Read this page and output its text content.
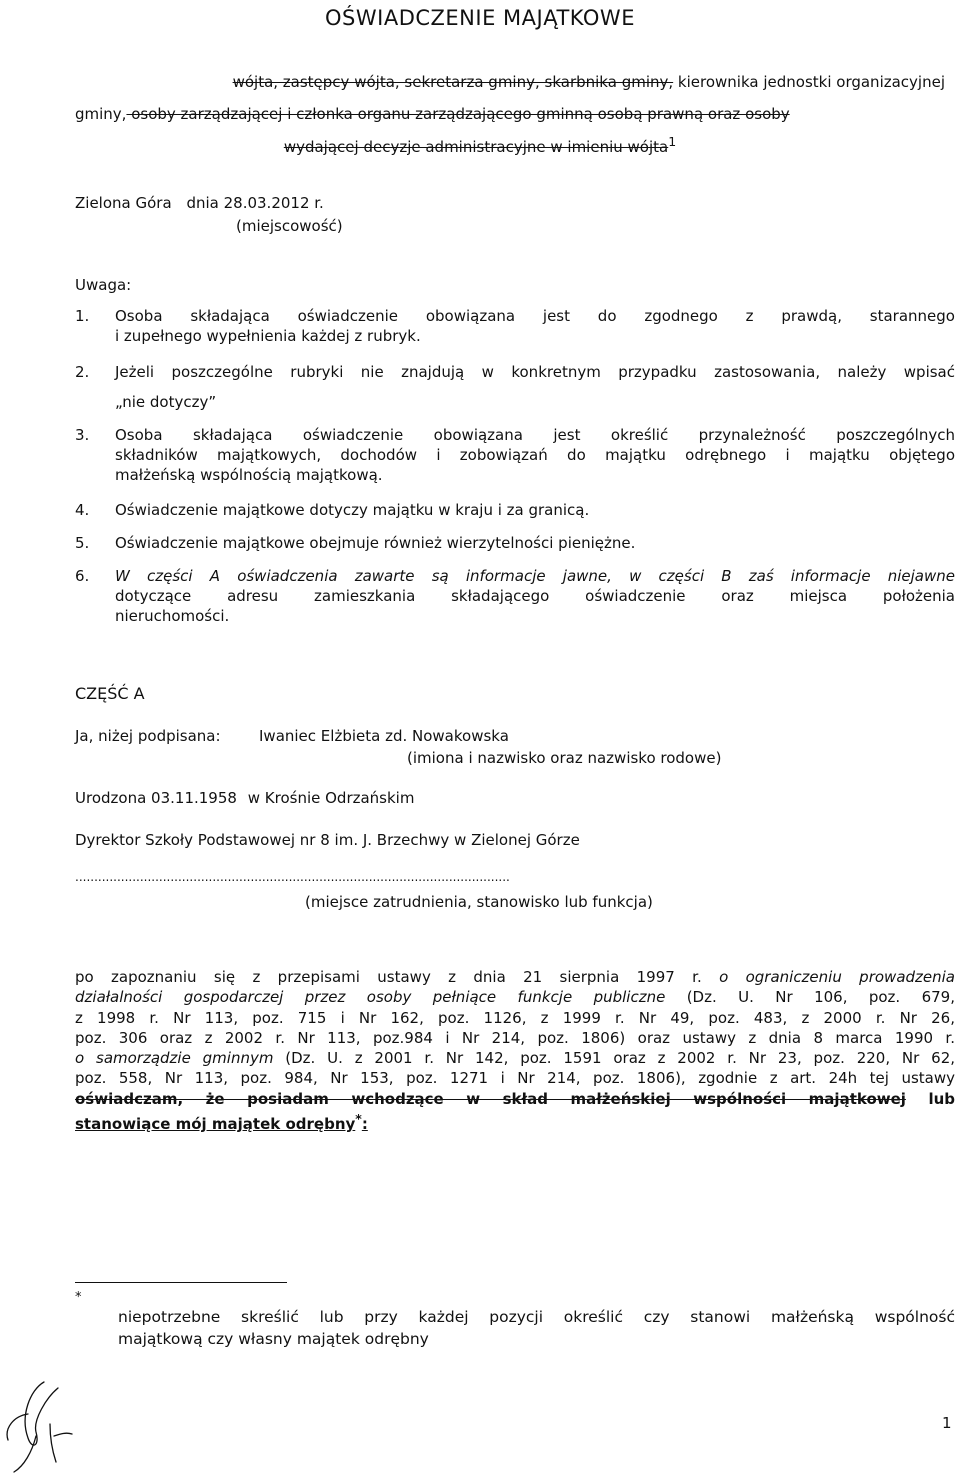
OŚWIADCZENIE MAJĄTKOWE
wójta, zastępcy wójta, sekretarza gminy, skarbnika gminy, kierownika jednostki organizacyjnej
gminy, osoby zarządzającej i członka organu zarządzającego gminną osobą prawną oraz osoby
wydającej decyzje administracyjne w imieniu wójta$^1$
Zielona Góra dnia 28.03.2012 r.
(miejscowość)
Uwaga:
1. Osoba składająca oświadczenie obowiązana jest do zgodnego z prawdą, starannego
i zupełnego wypełnienia każdej z rubryk.
2. Jeżeli poszczególne rubryki nie znajdują w konkretnym przypadku zastosowania, należy wpisać
„nie dotyczy”
3. Osoba składająca oświadczenie obowiązana jest określić przynależność poszczególnych
składników majątkowych, dochodów i zobowiązań do majątku odrębnego i majątku objętego
małżeńską wspólnością majątkową.
4. Oświadczenie majątkowe dotyczy majątku w kraju i za granicą.
5. Oświadczenie majątkowe obejmuje również wierzytelności pieniężne.
6. W części A oświadczenia zawarte są informacje jawne, w części B zaś informacje niejawne
dotyczące adresu zamieszkania składającego oświadczenie oraz miejsca położenia
nieruchomości.
CZĘŚĆ A
Ja, niżej podpisana:	Iwaniec Elżbieta zd. Nowakowska
(imiona i nazwisko oraz nazwisko rodowe)
Urodzona 03.11.1958 w Krośnie Odrzańskim
Dyrektor Szkoły Podstawowej nr 8 im. J. Brzechwy w Zielonej Górze
..................................................................................................................
(miejsce zatrudnienia, stanowisko lub funkcja)
po zapoznaniu się z przepisami ustawy z dnia 21 sierpnia 1997 r. o ograniczeniu prowadzenia
działalności gospodarczej przez osoby pełniące funkcje publiczne (Dz. U. Nr 106, poz. 679,
z 1998 r. Nr 113, poz. 715 i Nr 162, poz. 1126, z 1999 r. Nr 49, poz. 483, z 2000 r. Nr 26,
poz. 306 oraz z 2002 r. Nr 113, poz.984 i Nr 214, poz. 1806) oraz ustawy z dnia 8 marca 1990 r.
o samorządzie gminnym (Dz. U. z 2001 r. Nr 142, poz. 1591 oraz z 2002 r. Nr 23, poz. 220, Nr 62,
poz. 558, Nr 113, poz. 984, Nr 153, poz. 1271 i Nr 214, poz. 1806), zgodnie z art. 24h tej ustawy
oświadczam, że posiadam wchodzące w skład małżeńskiej wspólności majątkowej lub
stanowiące mój majątek odrębny*:
*
niepotrzebne skreślić lub przy każdej pozycji określić czy stanowi małżeńską wspólność
majątkową czy własny majątek odrębny
1
